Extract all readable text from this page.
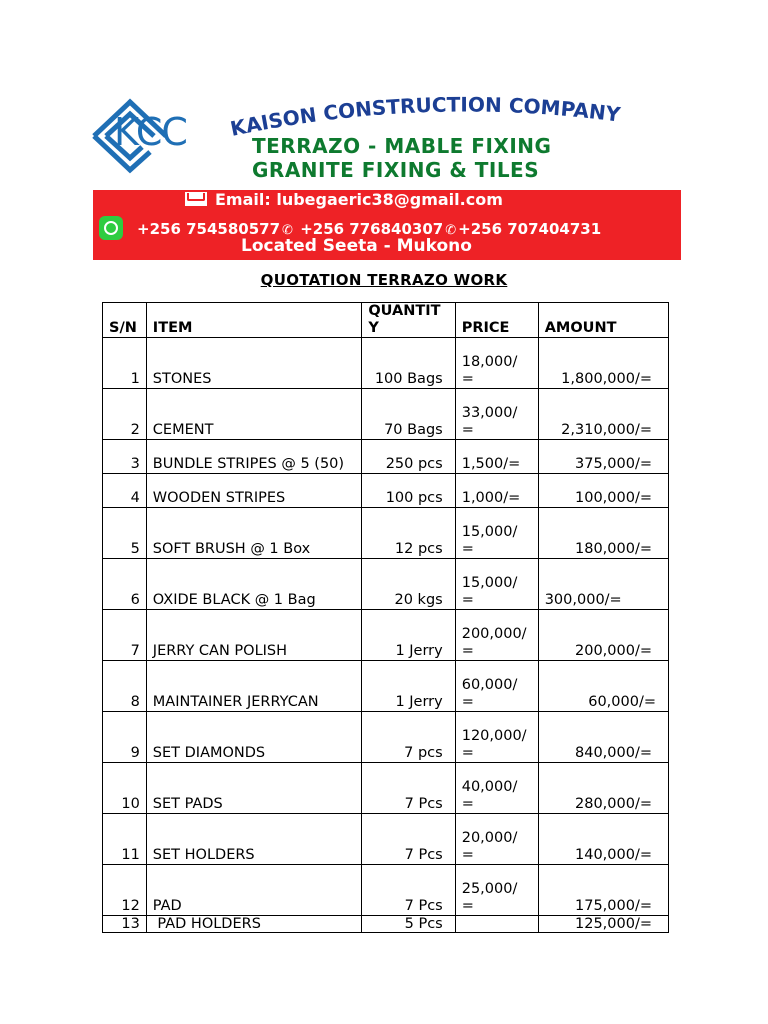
KCC KAISON CONSTRUCTION COMPANY
TERRAZO - MABLE FIXING
GRANITE FIXING & TILES
Email: lubegaeric38@gmail.com
+256 754580577 ✆ +256 776840307 ✆ +256 707404731
Located Seeta - Mukono
QUOTATION TERRAZO WORK
S/N	ITEM	QUANTIT Y	PRICE	AMOUNT
1	STONES	100 Bags	18,000/ =	1,800,000/=
2	CEMENT	70 Bags	33,000/ =	2,310,000/=
3	BUNDLE STRIPES @ 5 (50)	250 pcs	1,500/=	375,000/=
4	WOODEN STRIPES	100 pcs	1,000/=	100,000/=
5	SOFT BRUSH @ 1 Box	12 pcs	15,000/ =	180,000/=
6	OXIDE BLACK @ 1 Bag	20 kgs	15,000/ =	300,000/=
7	JERRY CAN POLISH	1 Jerry	200,000/ =	200,000/=
8	MAINTAINER JERRYCAN	1 Jerry	60,000/ =	60,000/=
9	SET DIAMONDS	7 pcs	120,000/ =	840,000/=
10	SET PADS	7 Pcs	40,000/ =	280,000/=
11	SET HOLDERS	7 Pcs	20,000/ =	140,000/=
12	PAD	7 Pcs	25,000/ =	175,000/=
13	PAD HOLDERS	5 Pcs		125,000/=
